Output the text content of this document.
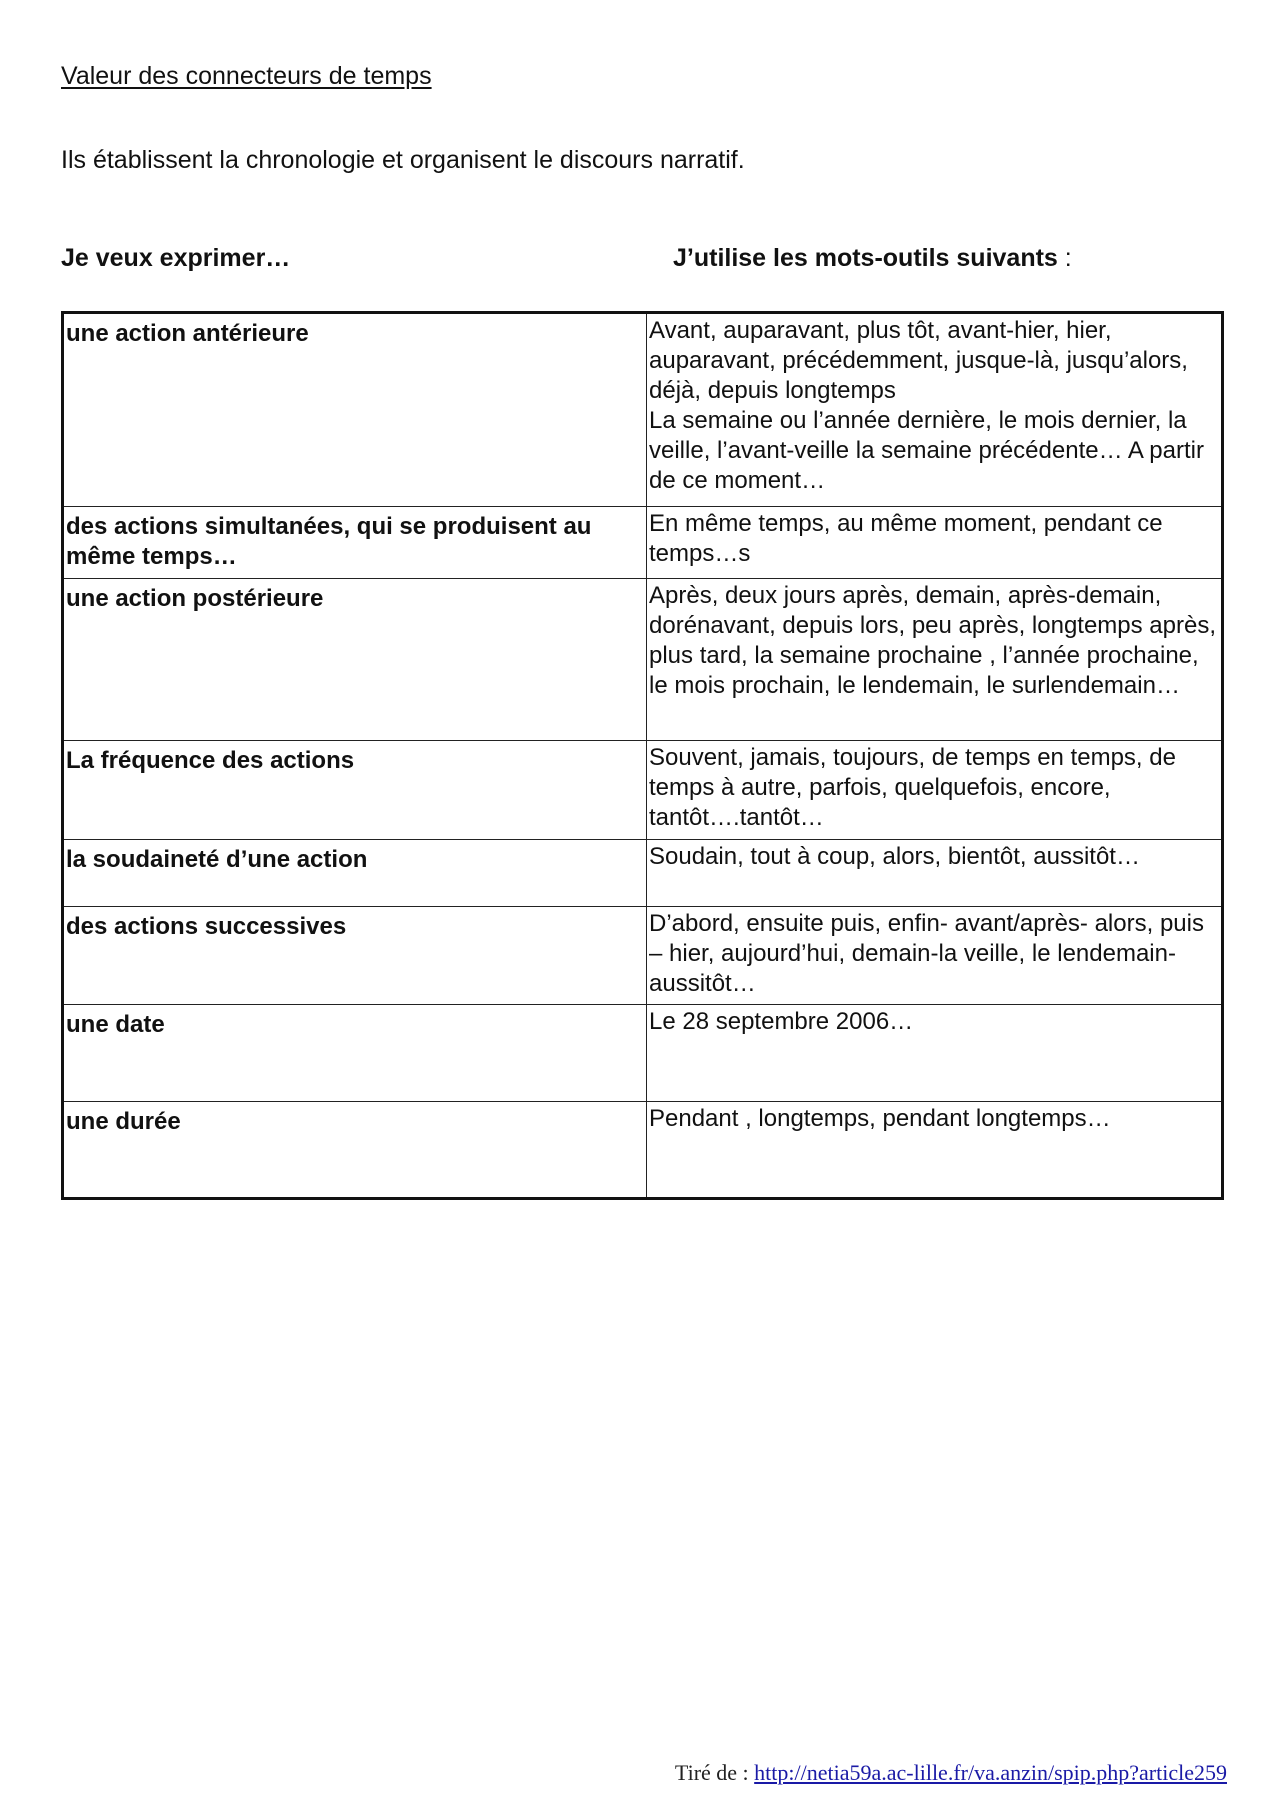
Valeur des connecteurs de temps

Ils établissent la chronologie et organisent le discours narratif.

Je veux exprimer…	J’utilise les mots-outils suivants :

une action antérieure	Avant, auparavant, plus tôt, avant-hier, hier, auparavant, précédemment, jusque-là, jusqu’alors, déjà, depuis longtemps
La semaine ou l’année dernière, le mois dernier, la veille, l’avant-veille la semaine précédente… A partir de ce moment…
des actions simultanées, qui se produisent au même temps…	En même temps, au même moment, pendant ce temps…s
une action postérieure	Après, deux jours après, demain, après-demain, dorénavant, depuis lors, peu après, longtemps après, plus tard, la semaine prochaine , l’année prochaine, le mois prochain, le lendemain, le surlendemain…
La fréquence des actions	Souvent, jamais, toujours, de temps en temps, de temps à autre, parfois, quelquefois, encore, tantôt….tantôt…
la soudaineté d’une action	Soudain, tout à coup, alors, bientôt, aussitôt…
des actions successives	D’abord, ensuite puis, enfin- avant/après- alors, puis – hier, aujourd’hui, demain-la veille, le lendemain- aussitôt…
une date	Le 28 septembre 2006…
une durée	Pendant , longtemps, pendant longtemps…
Tiré de : http://netia59a.ac-lille.fr/va.anzin/spip.php?article259
